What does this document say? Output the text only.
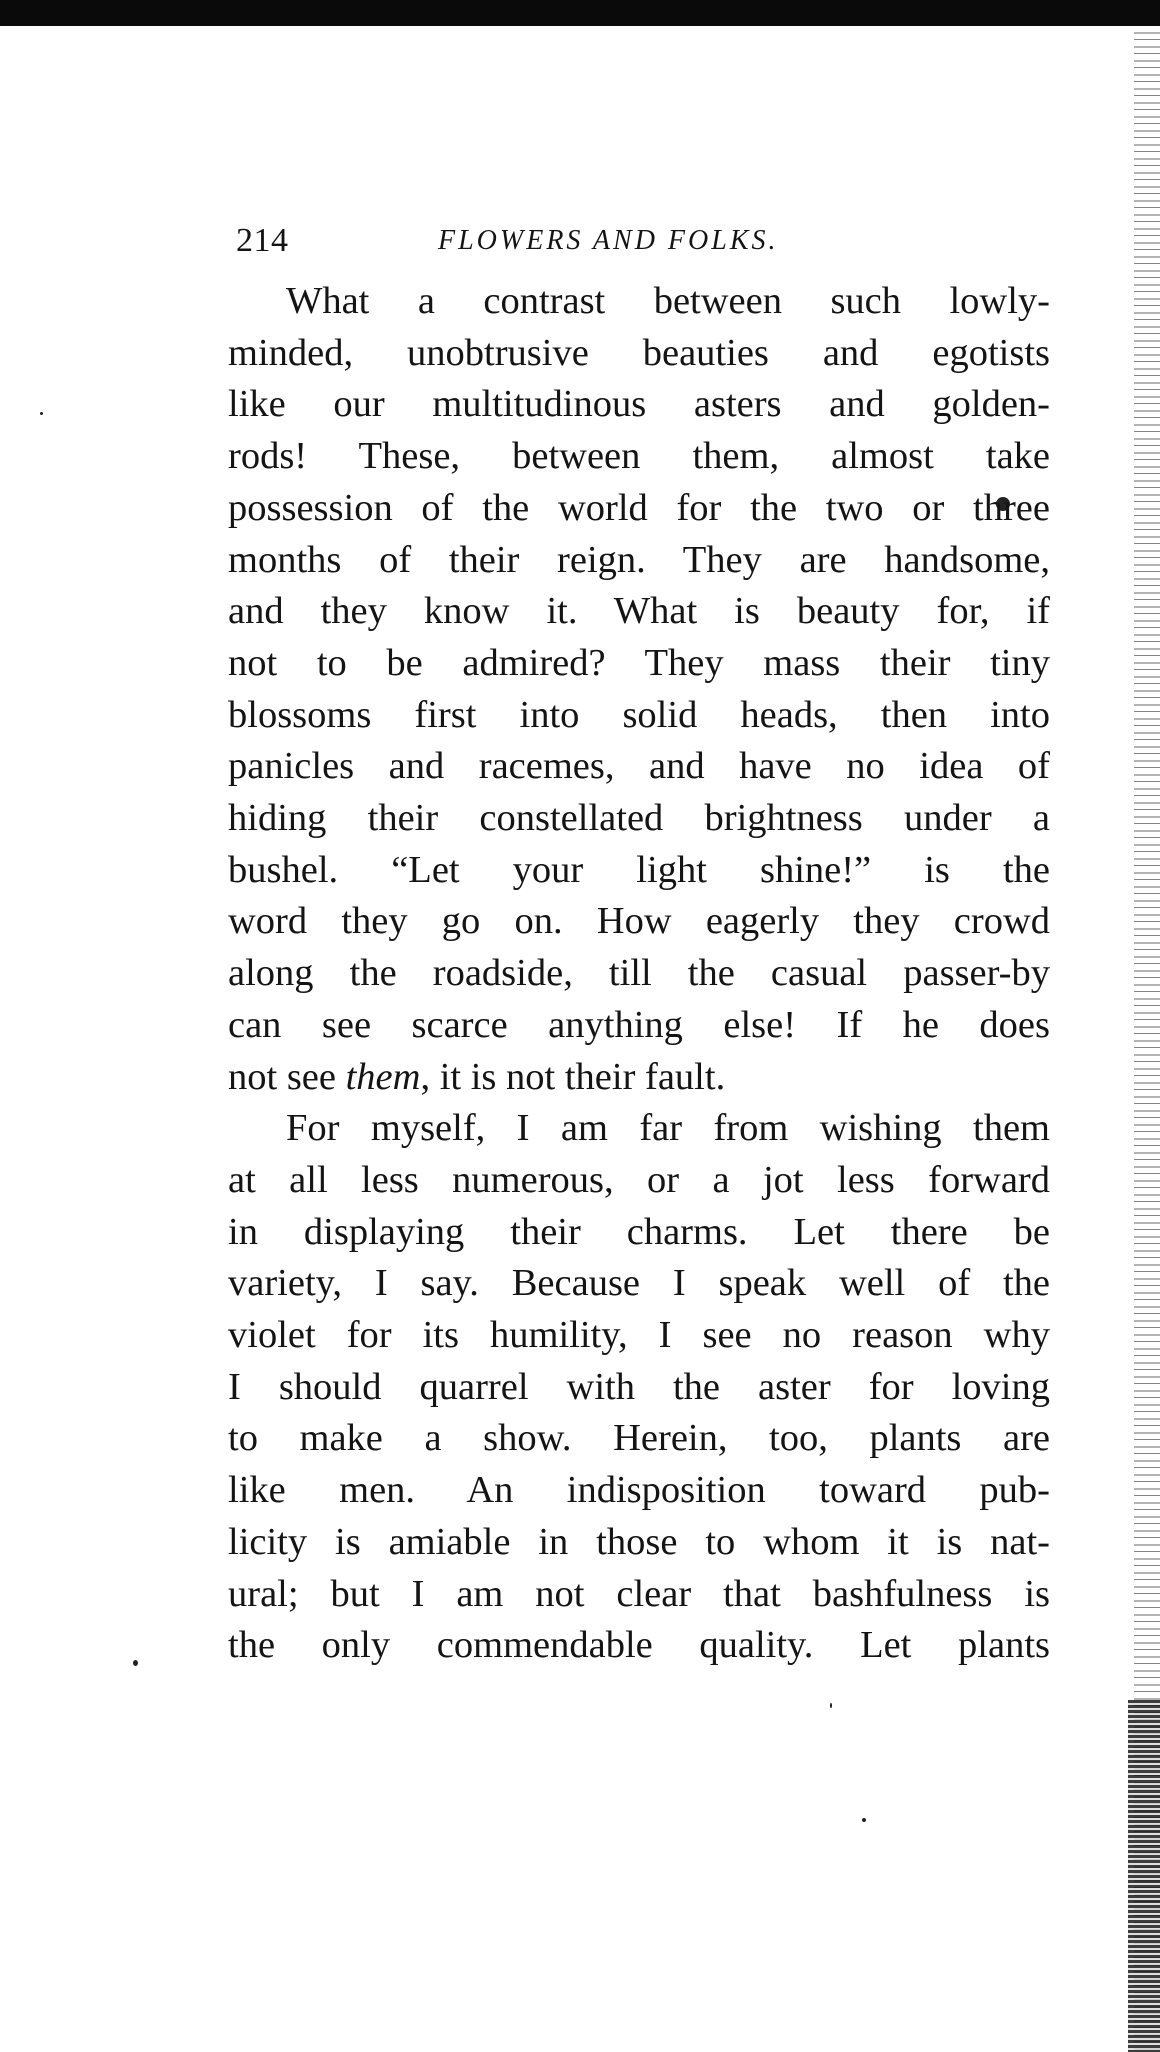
214	FLOWERS AND FOLKS.
What a contrast between such lowly-
minded, unobtrusive beauties and egotists
like our multitudinous asters and golden-
rods! These, between them, almost take
possession of the world for the two or three
months of their reign. They are handsome,
and they know it. What is beauty for, if
not to be admired? They mass their tiny
blossoms first into solid heads, then into
panicles and racemes, and have no idea of
hiding their constellated brightness under a
bushel. “Let your light shine!” is the
word they go on. How eagerly they crowd
along the roadside, till the casual passer-by
can see scarce anything else! If he does
not see them, it is not their fault.
For myself, I am far from wishing them
at all less numerous, or a jot less forward
in displaying their charms. Let there be
variety, I say. Because I speak well of the
violet for its humility, I see no reason why
I should quarrel with the aster for loving
to make a show. Herein, too, plants are
like men. An indisposition toward pub-
licity is amiable in those to whom it is nat-
ural; but I am not clear that bashfulness is
the only commendable quality. Let plants
